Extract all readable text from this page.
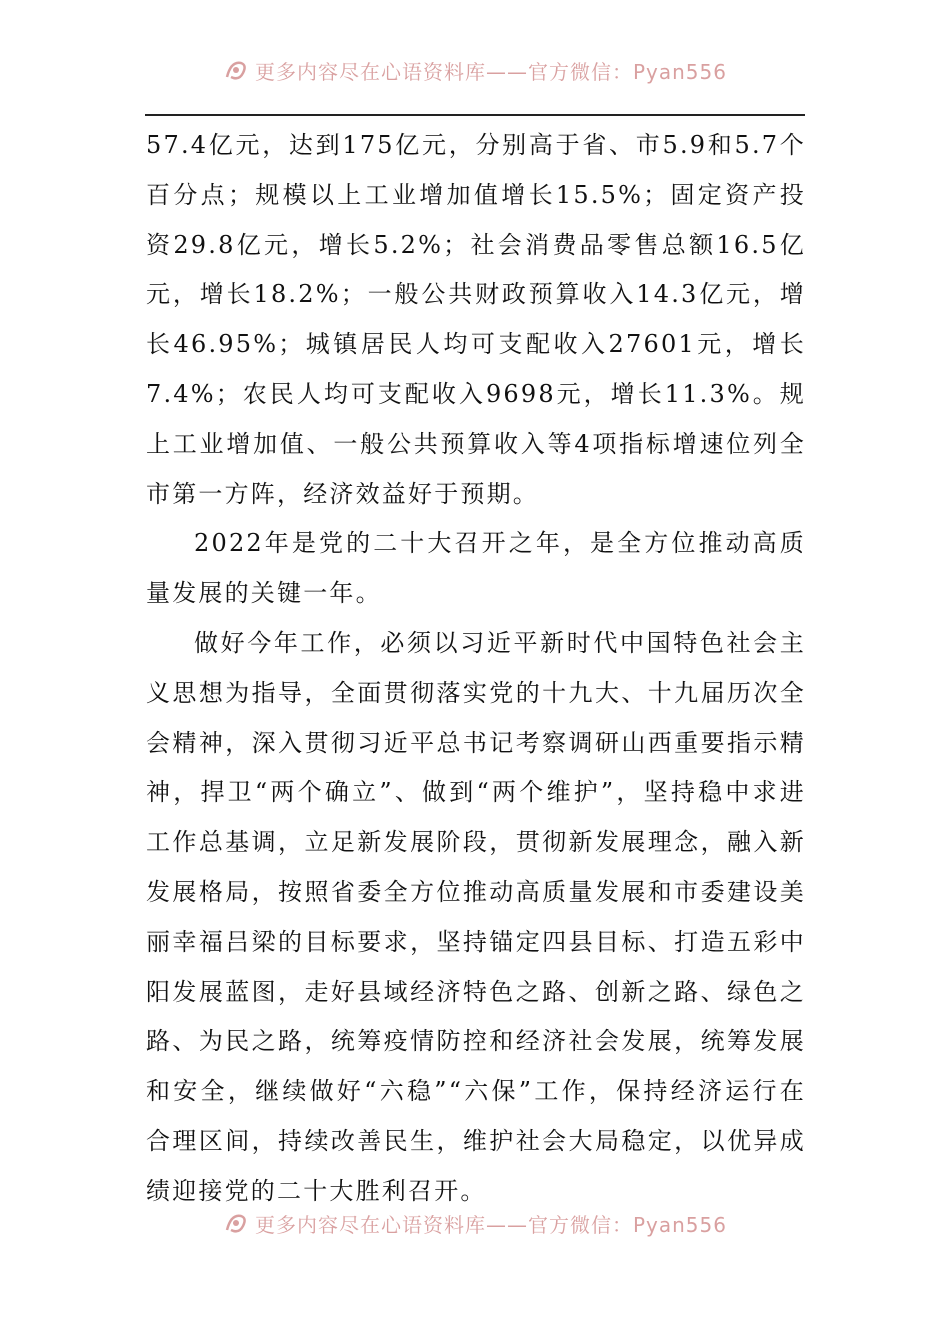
更多内容尽在心语资料库——官方微信：Pyan556

57.4亿元，达到175亿元，分别高于省、市5.9和5.7个百分点；规模以上工业增加值增长15.5%；固定资产投资29.8亿元，增长5.2%；社会消费品零售总额16.5亿元，增长18.2%；一般公共财政预算收入14.3亿元，增长46.95%；城镇居民人均可支配收入27601元，增长7.4%；农民人均可支配收入9698元，增长11.3%。规上工业增加值、一般公共预算收入等4项指标增速位列全市第一方阵，经济效益好于预期。

2022年是党的二十大召开之年，是全方位推动高质量发展的关键一年。

做好今年工作，必须以习近平新时代中国特色社会主义思想为指导，全面贯彻落实党的十九大、十九届历次全会精神，深入贯彻习近平总书记考察调研山西重要指示精神，捍卫“两个确立”、做到“两个维护”，坚持稳中求进工作总基调，立足新发展阶段，贯彻新发展理念，融入新发展格局，按照省委全方位推动高质量发展和市委建设美丽幸福吕梁的目标要求，坚持锚定四县目标、打造五彩中阳发展蓝图，走好县域经济特色之路、创新之路、绿色之路、为民之路，统筹疫情防控和经济社会发展，统筹发展和安全，继续做好“六稳”“六保”工作，保持经济运行在合理区间，持续改善民生，维护社会大局稳定，以优异成绩迎接党的二十大胜利召开。

更多内容尽在心语资料库——官方微信：Pyan556
